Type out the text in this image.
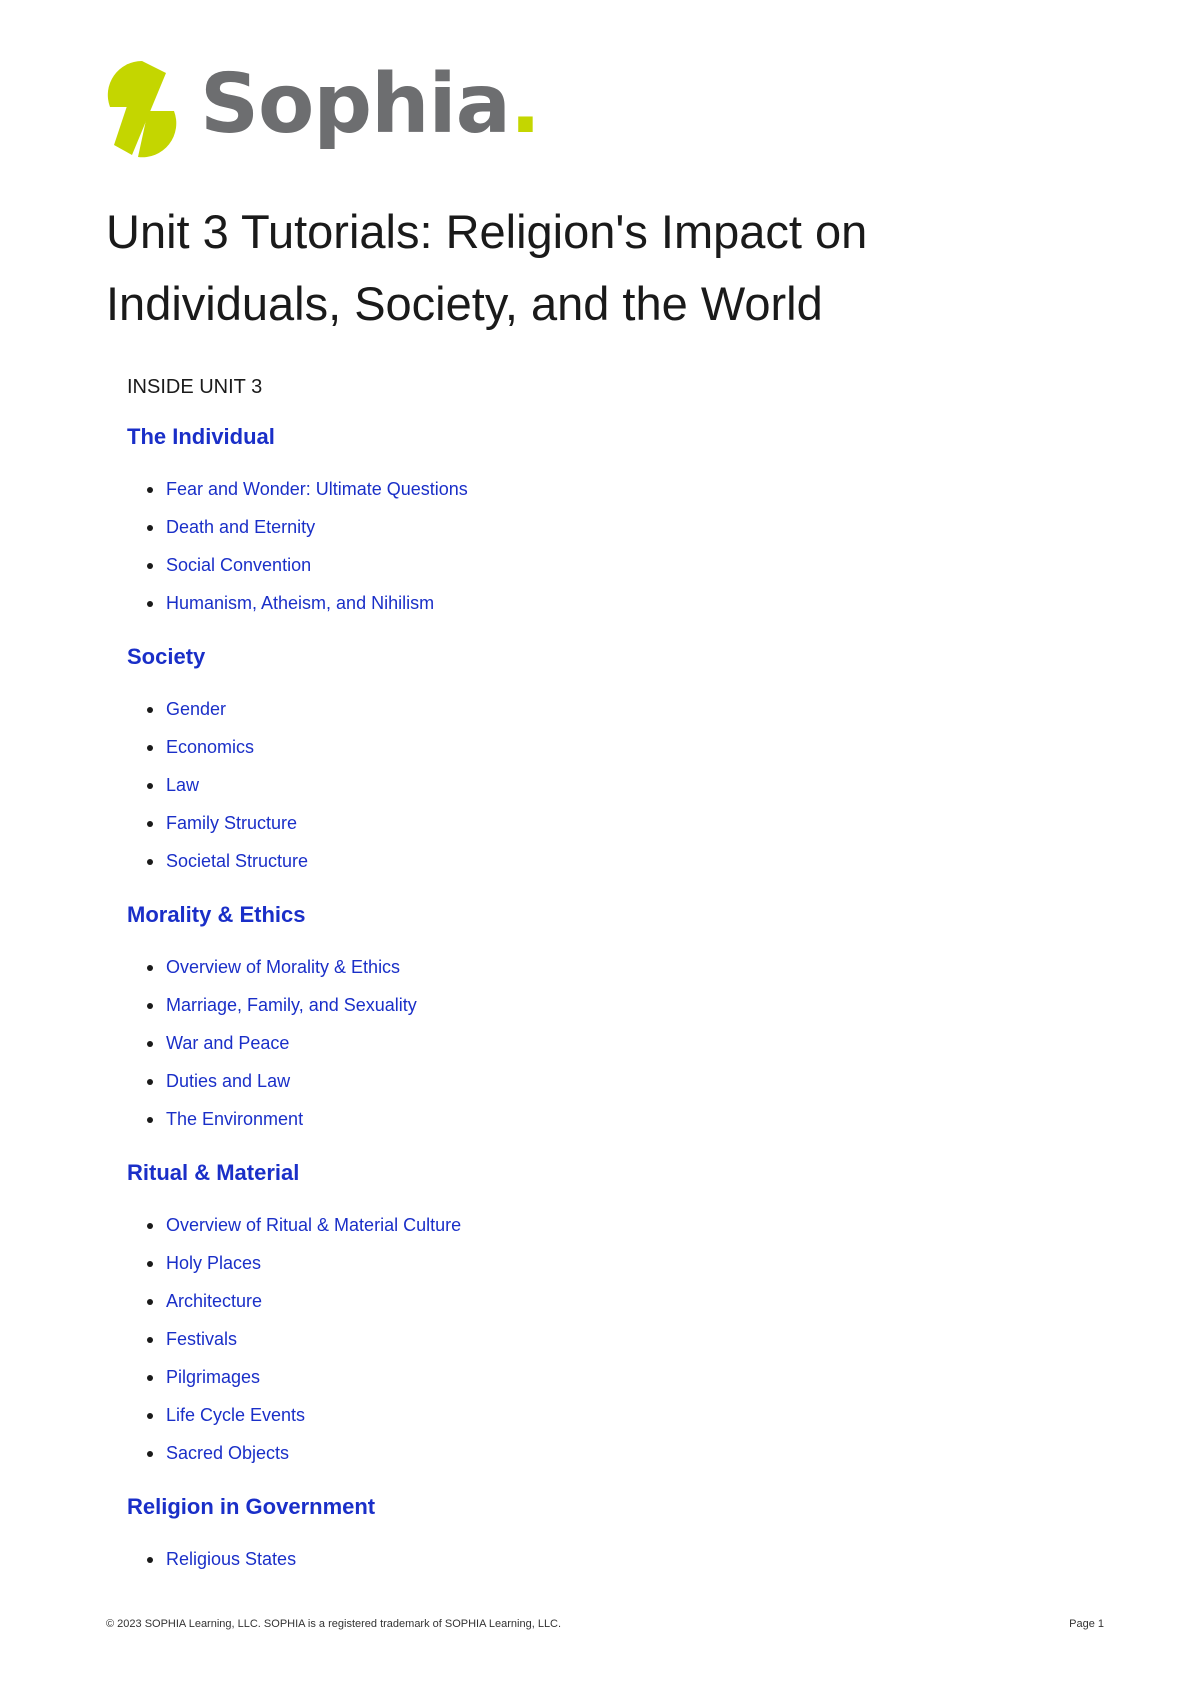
Sophia.
Unit 3 Tutorials: Religion's Impact on
Individuals, Society, and the World
INSIDE UNIT 3
The Individual
Fear and Wonder: Ultimate Questions
Death and Eternity
Social Convention
Humanism, Atheism, and Nihilism
Society
Gender
Economics
Law
Family Structure
Societal Structure
Morality & Ethics
Overview of Morality & Ethics
Marriage, Family, and Sexuality
War and Peace
Duties and Law
The Environment
Ritual & Material
Overview of Ritual & Material Culture
Holy Places
Architecture
Festivals
Pilgrimages
Life Cycle Events
Sacred Objects
Religion in Government
Religious States
© 2023 SOPHIA Learning, LLC. SOPHIA is a registered trademark of SOPHIA Learning, LLC.	Page 1
